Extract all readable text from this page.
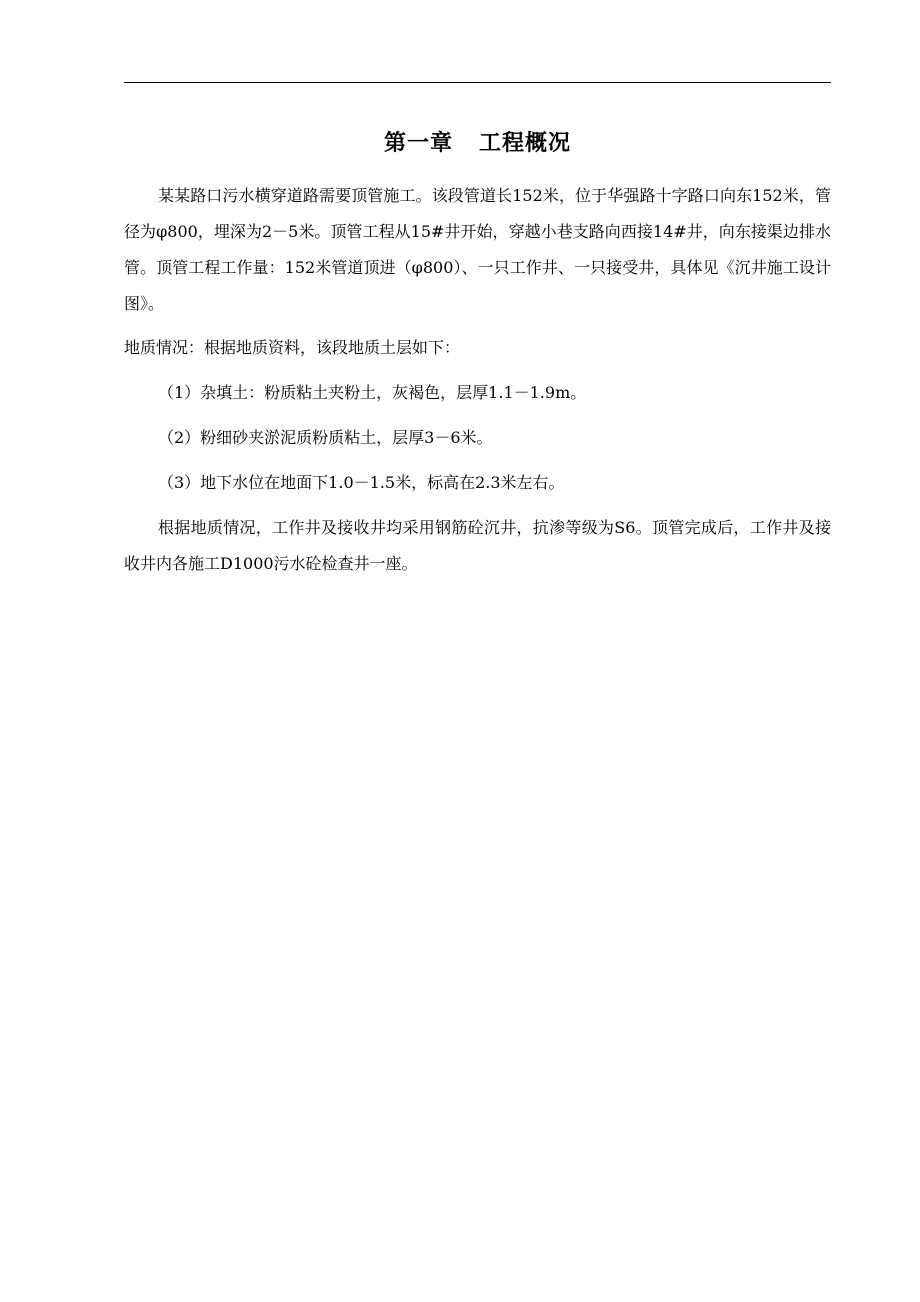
第一章   工程概况

某某路口污水横穿道路需要顶管施工。该段管道长152米，位于华强路十字路口向东152米，管径为φ800，埋深为2－5米。顶管工程从15#井开始，穿越小巷支路向西接14#井，向东接渠边排水管。顶管工程工作量：152米管道顶进（φ800）、一只工作井、一只接受井，具体见《沉井施工设计图》。

地质情况：根据地质资料，该段地质土层如下：

（1）杂填土：粉质粘土夹粉土，灰褐色，层厚1.1－1.9m。

（2）粉细砂夹淤泥质粉质粘土，层厚3－6米。

（3）地下水位在地面下1.0－1.5米，标高在2.3米左右。

根据地质情况，工作井及接收井均采用钢筋砼沉井，抗渗等级为S6。顶管完成后，工作井及接收井内各施工D1000污水砼检查井一座。
